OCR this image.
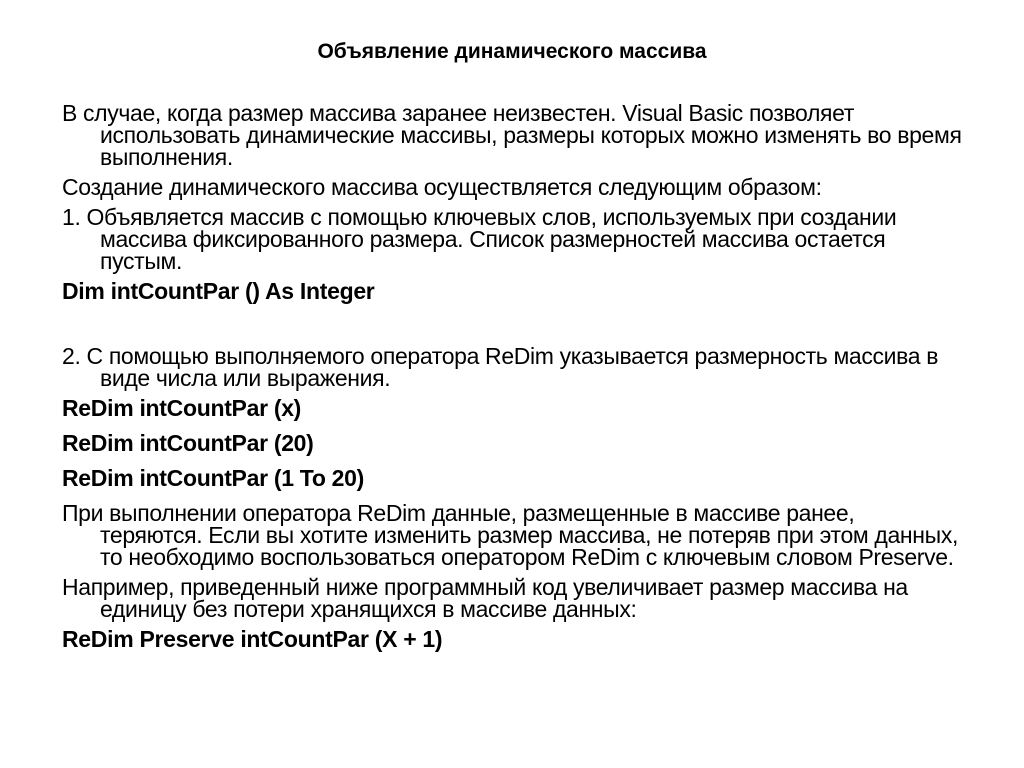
Объявление динамического массива

В случае, когда размер массива заранее неизвестен. Visual Basic позволяет использовать динамические массивы, размеры которых можно изменять во время выполнения.

Создание динамического массива осуществляется следующим образом:

1. Объявляется массив с помощью ключевых слов, используемых при создании массива фиксированного размера. Список размерностей массива остается пустым.

Dim intCountPar () As Integer

2. С помощью выполняемого оператора ReDim указывается размерность массива в виде числа или выражения.

ReDim intCountPar (x)
ReDim intCountPar (20)
ReDim intCountPar (1 To 20)

При выполнении оператора ReDim данные, размещенные в массиве ранее, теряются. Если вы хотите изменить размер массива, не потеряв при этом данных, то необходимо воспользоваться оператором ReDim с ключевым словом Preserve.

Например, приведенный ниже программный код увеличивает размер массива на единицу без потери хранящихся в массиве данных:

ReDim Preserve intCountPar (X + 1)
